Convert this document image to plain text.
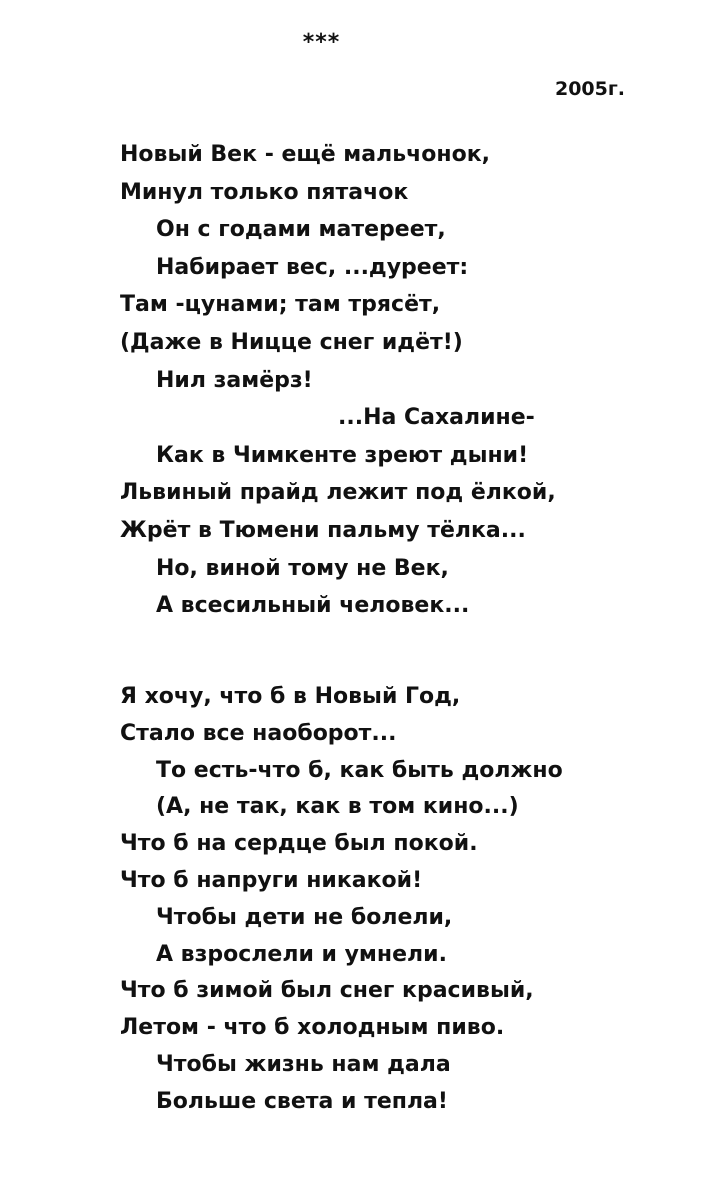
***
2005г.
Новый Век - ещё мальчонок,
Минул только пятачок
Он с годами матереет,
Набирает вес, ...дуреет:
Там -цунами; там трясёт,
(Даже в Ницце снег идёт!)
Нил замёрз!
...На Сахалине-
Как в Чимкенте зреют дыни!
Львиный прайд лежит под ёлкой,
Жрёт в Тюмени пальму тёлка...
Но, виной тому не Век,
А всесильный человек...
Я хочу, что б в Новый Год,
Стало все наоборот...
То есть-что б, как быть должно
(А, не так, как в том кино...)
Что б на сердце был покой.
Что б напруги никакой!
Чтобы дети не болели,
А взрослели и умнели.
Что б зимой был снег красивый,
Летом - что б холодным пиво.
Чтобы жизнь нам дала
Больше света и тепла!
